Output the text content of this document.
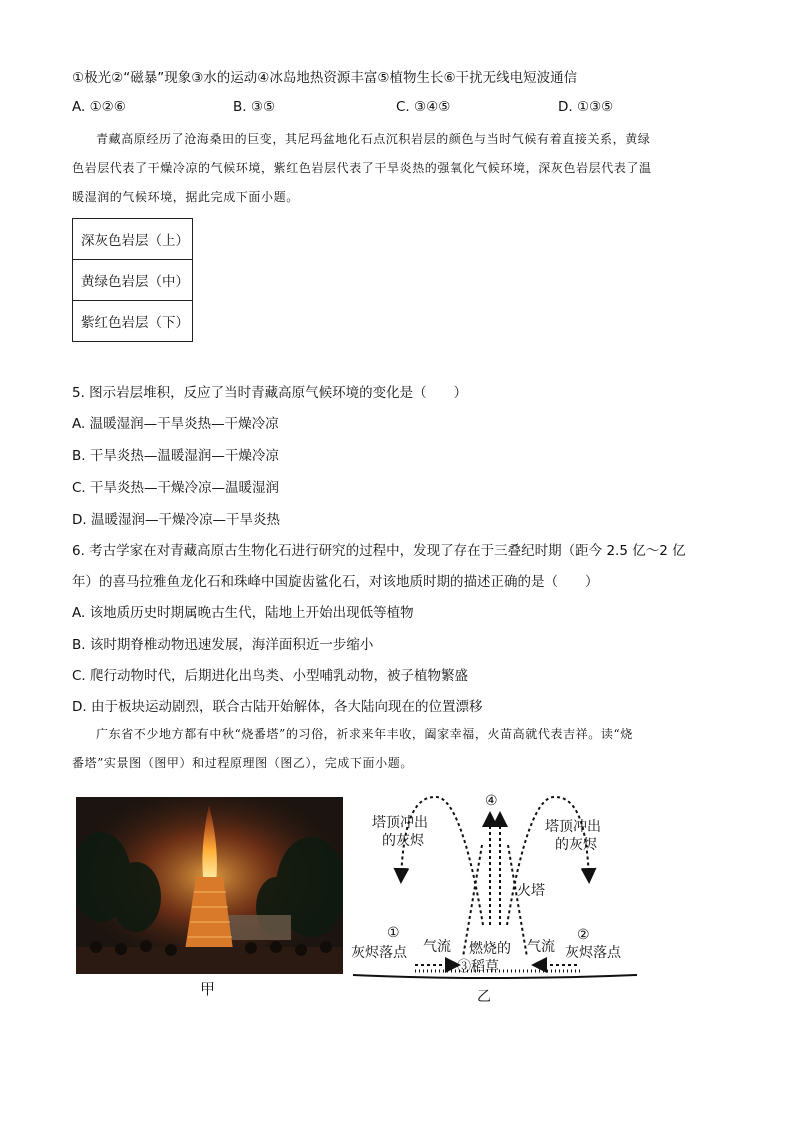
①极光②“磁暴”现象③水的运动④冰岛地热资源丰富⑤植物生长⑥干扰无线电短波通信
A. ①②⑥	B. ③⑤	C. ③④⑤	D. ①③⑤
青藏高原经历了沧海桑田的巨变，其尼玛盆地化石点沉积岩层的颜色与当时气候有着直接关系，黄绿
色岩层代表了干燥冷凉的气候环境，紫红色岩层代表了干旱炎热的强氧化气候环境，深灰色岩层代表了温
暖湿润的气候环境，据此完成下面小题。
深灰色岩层（上）
黄绿色岩层（中）
紫红色岩层（下）
5. 图示岩层堆积，反应了当时青藏高原气候环境的变化是（　　）
A. 温暖湿润—干旱炎热—干燥冷凉
B. 干旱炎热—温暖湿润—干燥冷凉
C. 干旱炎热—干燥冷凉—温暖湿润
D. 温暖湿润—干燥冷凉—干旱炎热
6. 考古学家在对青藏高原古生物化石进行研究的过程中，发现了存在于三叠纪时期（距今 2.5 亿～2 亿
年）的喜马拉雅鱼龙化石和珠峰中国旋齿鲨化石，对该地质时期的描述正确的是（　　）
A. 该地质历史时期属晚古生代，陆地上开始出现低等植物
B. 该时期脊椎动物迅速发展，海洋面积近一步缩小
C. 爬行动物时代，后期进化出鸟类、小型哺乳动物，被子植物繁盛
D. 由于板块运动剧烈，联合古陆开始解体，各大陆向现在的位置漂移
广东省不少地方都有中秋“烧番塔”的习俗，祈求来年丰收，阖家幸福，火苗高就代表吉祥。读“烧
番塔”实景图（图甲）和过程原理图（图乙），完成下面小题。
甲
塔顶冲出
的灰烬
塔顶冲出
的灰烬
④
火塔
①
灰烬落点 气流 燃烧的
③稻草
气流
②
灰烬落点
乙
